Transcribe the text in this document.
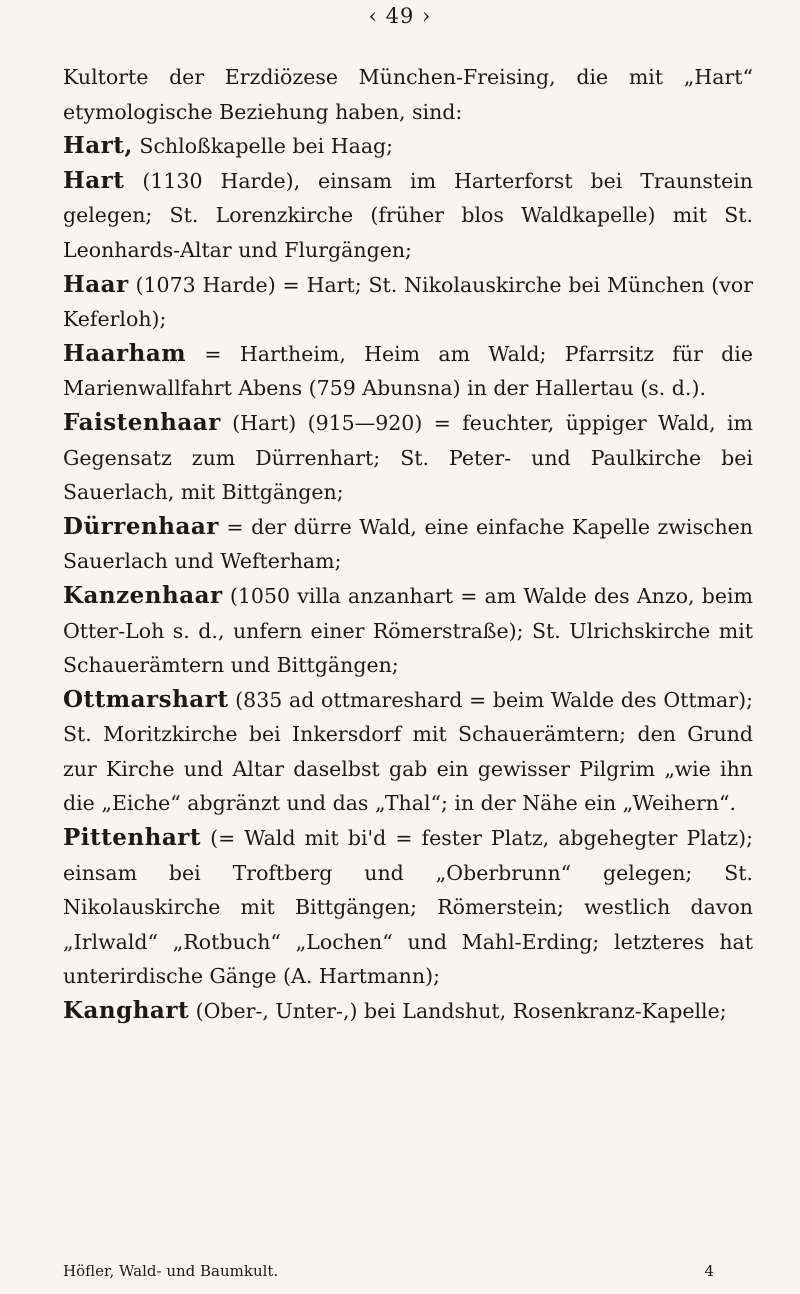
‹ 49 ›

Kultorte der Erzdiözese München-Freising, die mit „Hart“ etymologische Beziehung haben, sind:

Hart, Schloßkapelle bei Haag;

Hart (1130 Harde), einsam im Harterforst bei Traunstein gelegen; St. Lorenzkirche (früher blos Waldkapelle) mit St. Leonhards-Altar und Flurgängen;

Haar (1073 Harde) = Hart; St. Nikolauskirche bei München (vor Keferloh);

Haarham = Hartheim, Heim am Wald; Pfarrsitz für die Marienwallfahrt Abens (759 Abunsna) in der Hallertau (s. d.).

Faistenhaar (Hart) (915—920) = feuchter, üppiger Wald, im Gegensatz zum Dürrenhart; St. Peter- und Paulkirche bei Sauerlach, mit Bittgängen;

Dürrenhaar = der dürre Wald, eine einfache Kapelle zwischen Sauerlach und Wefterham;

Kanzenhaar (1050 villa anzanhart = am Walde des Anzo, beim Otter-Loh s. d., unfern einer Römerstraße); St. Ulrichskirche mit Schauerämtern und Bittgängen;

Ottmarshart (835 ad ottmareshard = beim Walde des Ottmar); St. Moritzkirche bei Inkersdorf mit Schauerämtern; den Grund zur Kirche und Altar daselbst gab ein gewisser Pilgrim „wie ihn die „Eiche“ abgränzt und das „Thal“; in der Nähe ein „Weihern“.

Pittenhart (= Wald mit bi'd = fester Platz, abgehegter Platz); einsam bei Troftberg und „Oberbrunn“ gelegen; St. Nikolauskirche mit Bittgängen; Römerstein; westlich davon „Irlwald“ „Rotbuch“ „Lochen“ und Mahl-Erding; letzteres hat unterirdische Gänge (A. Hartmann);

Kanghart (Ober-, Unter-,) bei Landshut, Rosenkranz-Kapelle;

Höfler, Wald- und Baumkult.	4
